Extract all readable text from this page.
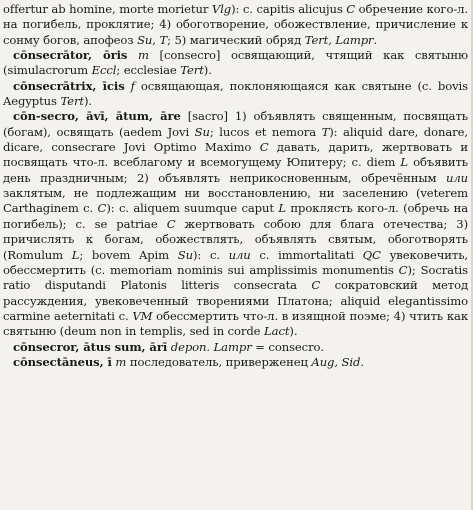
offertur ab homine, morte morietur Vlg): с. capitis alicujus C обречение кого-л. на погибель, проклятие; 4) обоготворение, обожествление, причисление к сонму богов, апофеоз Su, T; 5) магический обряд Tert, Lampr.

cōnsecrātor, ōris m [consecro] освящающий, чтящий как святыню (simulacrorum Eccl; ecclesiae Tert).

cōnsecrātrix, īcis f освящающая, поклоняющаяся как святыне (с. bovis Aegyptus Tert).

cōn-secro, āvī, ātum, āre [sacro] 1) объявлять священным, посвящать (богам), освящать (aedem Jovi Su; lucos et nemora T): aliquid dare, donare, dicare, consecrare Jovi Optimo Maximo C давать, дарить, жертвовать и посвящать что-л. всеблагому и всемогущему Юпитеру; с. diem L объявить день праздничным; 2) объявлять неприкосновенным, обречённым или заклятым, не подлежащим ни восстановлению, ни заселению (veterem Carthaginem с. C): с. aliquem suumque caput L проклясть кого-л. (обречь на погибель); с. se patriae C жертвовать собою для блага отечества; 3) причислять к богам, обожествлять, объявлять святым, обоготворять (Romulum L; bovem Apim Su): с. или с. immortalitati QC увековечить, обессмертить (с. memoriam nominis sui amplissimis monumentis C); Socratis ratio disputandi Platonis litteris consecrata C сократовский метод рассуждения, увековеченный творениями Платона; aliquid elegantissimo carmine aeternitati с. VM обессмертить что-л. в изящной поэме; 4) чтить как святыню (deum non in templis, sed in corde Lact).

cōnsecror, ātus sum, ārī depon. Lampr = consecro.

cōnsectāneus, ī m последователь, приверженец Aug, Sid.
